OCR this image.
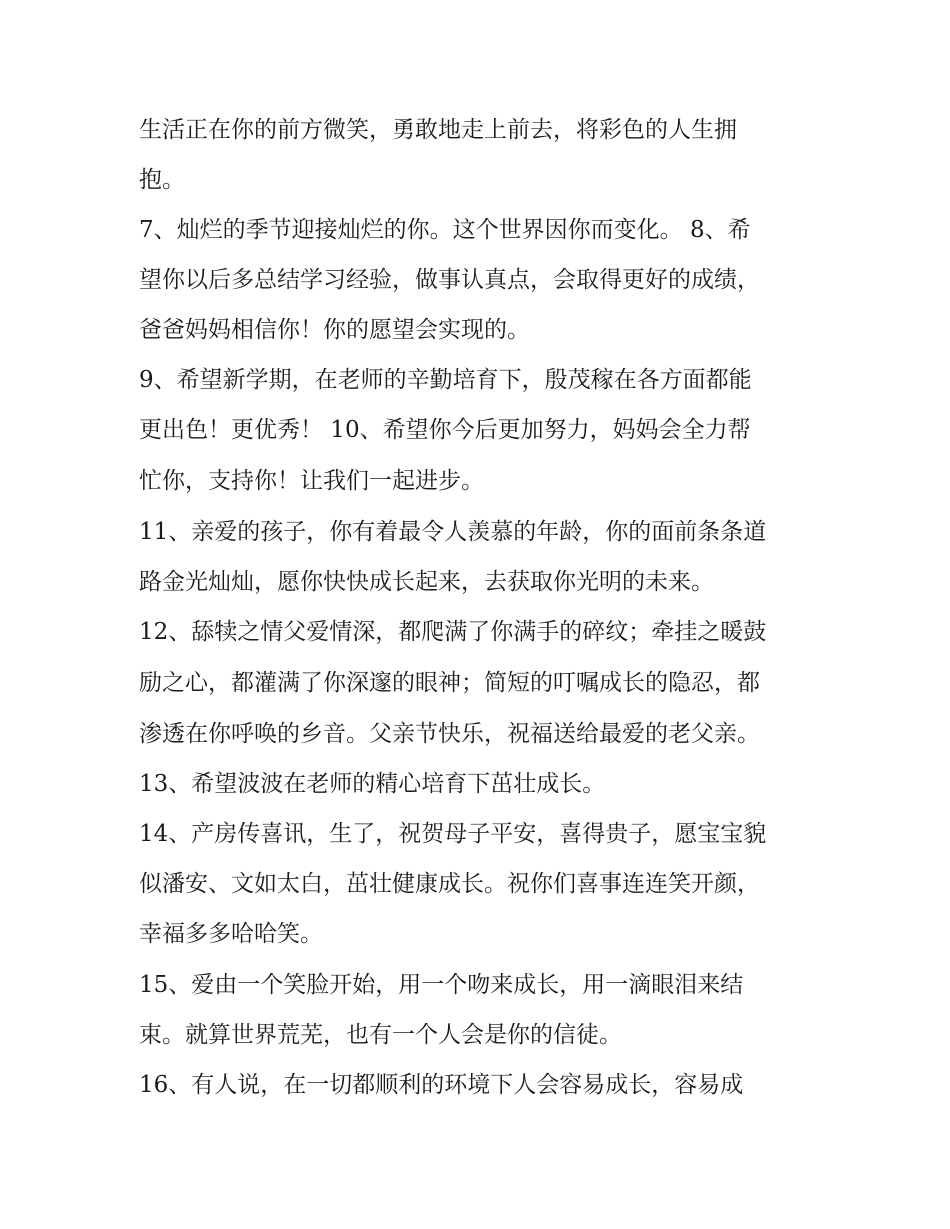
生活正在你的前方微笑，勇敢地走上前去，将彩色的人生拥
抱。
7、灿烂的季节迎接灿烂的你。这个世界因你而变化。 8、希
望你以后多总结学习经验，做事认真点，会取得更好的成绩，
爸爸妈妈相信你！你的愿望会实现的。
9、希望新学期，在老师的辛勤培育下，殷茂稼在各方面都能
更出色！更优秀！ 10、希望你今后更加努力，妈妈会全力帮
忙你，支持你！让我们一起进步。
11、亲爱的孩子，你有着最令人羡慕的年龄，你的面前条条道
路金光灿灿，愿你快快成长起来，去获取你光明的未来。
12、舔犊之情父爱情深，都爬满了你满手的碎纹；牵挂之暖鼓
励之心，都灌满了你深邃的眼神；简短的叮嘱成长的隐忍，都
渗透在你呼唤的乡音。父亲节快乐，祝福送给最爱的老父亲。
13、希望波波在老师的精心培育下茁壮成长。
14、产房传喜讯，生了，祝贺母子平安，喜得贵子，愿宝宝貌
似潘安、文如太白，茁壮健康成长。祝你们喜事连连笑开颜，
幸福多多哈哈笑。
15、爱由一个笑脸开始，用一个吻来成长，用一滴眼泪来结
束。就算世界荒芜，也有一个人会是你的信徒。
16、有人说，在一切都顺利的环境下人会容易成长，容易成
